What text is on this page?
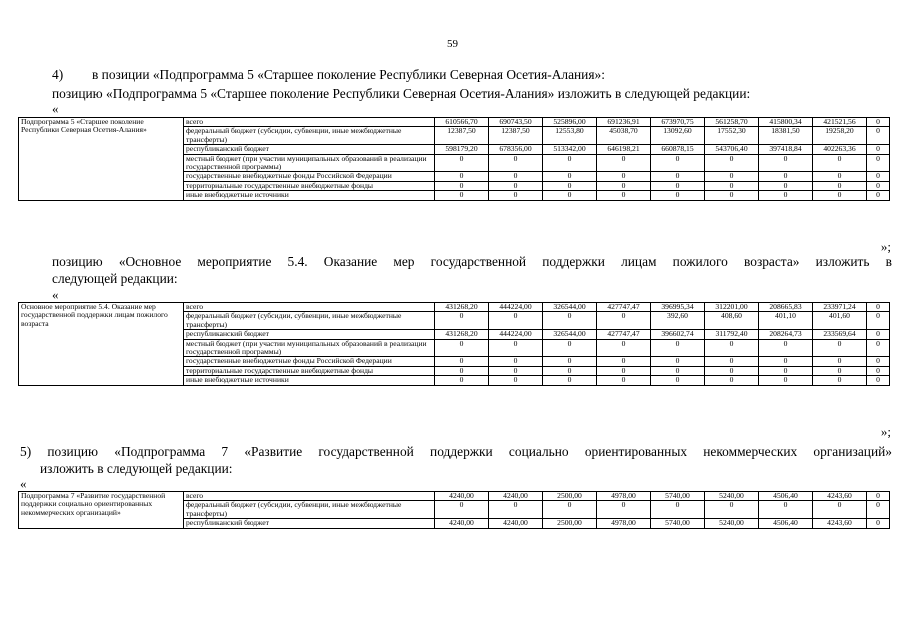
59
4) в позиции «Подпрограмма 5 «Старшее поколение Республики Северная Осетия-Алания»:
позицию «Подпрограмма 5 «Старшее поколение Республики Северная Осетия-Алания» изложить в следующей редакции:
«
Подпрограмма 5 «Старшее поколение Республики Северная Осетия-Алания»	всего	610566,70	690743,50	525896,00	691236,91	673970,75	561258,70	415800,34	421521,56	0
	федеральный бюджет (субсидии, субвенции, иные межбюджетные трансферты)	12387,50	12387,50	12553,80	45038,70	13092,60	17552,30	18381,50	19258,20	0
	республиканский бюджет	598179,20	678356,00	513342,00	646198,21	660878,15	543706,40	397418,84	402263,36	0
	местный бюджет (при участии муниципальных образований в реализации государственной программы)	0	0	0	0	0	0	0	0	0
	государственные внебюджетные фонды Российской Федерации	0	0	0	0	0	0	0	0	0
	территориальные государственные внебюджетные фонды	0	0	0	0	0	0	0	0	0
	иные внебюджетные источники	0	0	0	0	0	0	0	0	0
»;
позицию «Основное мероприятие 5.4. Оказание мер государственной поддержки лицам пожилого возраста» изложить в
следующей редакции:
«
Основное мероприятие 5.4. Оказание мер государственной поддержки лицам пожилого возраста	всего	431268,20	444224,00	326544,00	427747,47	396995,34	312201,00	208665,83	233971,24	0
	федеральный бюджет (субсидии, субвенции, иные межбюджетные трансферты)	0	0	0	0	392,60	408,60	401,10	401,60	0
	республиканский бюджет	431268,20	444224,00	326544,00	427747,47	396602,74	311792,40	208264,73	233569,64	0
	местный бюджет (при участии муниципальных образований в реализации государственной программы)	0	0	0	0	0	0	0	0	0
	государственные внебюджетные фонды Российской Федерации	0	0	0	0	0	0	0	0	0
	территориальные государственные внебюджетные фонды	0	0	0	0	0	0	0	0	0
	иные внебюджетные источники	0	0	0	0	0	0	0	0	0
»;
5) позицию «Подпрограмма 7 «Развитие государственной поддержки социально ориентированных некоммерческих организаций»
изложить в следующей редакции:
«
Подпрограмма 7 «Развитие государственной поддержки социально ориентированных некоммерческих организаций»	всего	4240,00	4240,00	2500,00	4978,00	5740,00	5240,00	4506,40	4243,60	0
	федеральный бюджет (субсидии, субвенции, иные межбюджетные трансферты)	0	0	0	0	0	0	0	0	0
	республиканский бюджет	4240,00	4240,00	2500,00	4978,00	5740,00	5240,00	4506,40	4243,60	0
